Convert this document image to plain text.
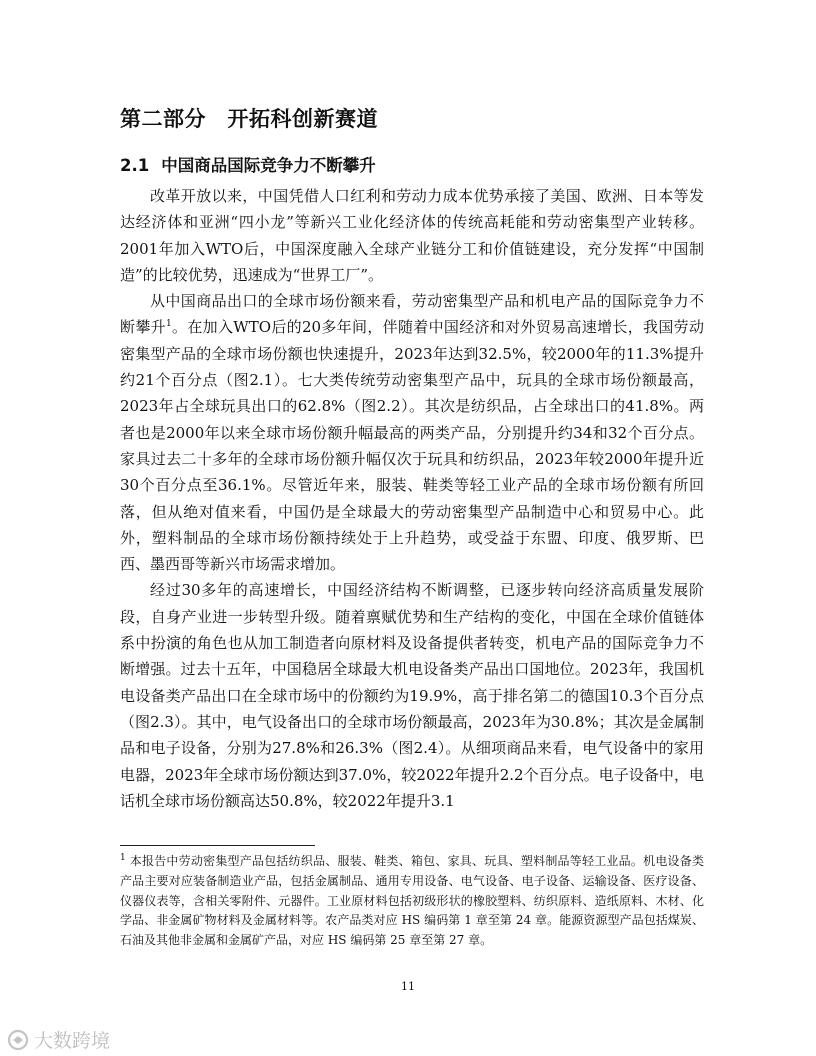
第二部分　开拓科创新赛道
2.1 中国商品国际竞争力不断攀升

改革开放以来，中国凭借人口红利和劳动力成本优势承接了美国、欧洲、日本等发达经济体和亚洲“四小龙”等新兴工业化经济体的传统高耗能和劳动密集型产业转移。2001年加入WTO后，中国深度融入全球产业链分工和价值链建设，充分发挥“中国制造”的比较优势，迅速成为“世界工厂”。

从中国商品出口的全球市场份额来看，劳动密集型产品和机电产品的国际竞争力不断攀升$^1$。在加入WTO后的20多年间，伴随着中国经济和对外贸易高速增长，我国劳动密集型产品的全球市场份额也快速提升，2023年达到32.5%，较2000年的11.3%提升约21个百分点（图2.1）。七大类传统劳动密集型产品中，玩具的全球市场份额最高，2023年占全球玩具出口的62.8%（图2.2）。其次是纺织品，占全球出口的41.8%。两者也是2000年以来全球市场份额升幅最高的两类产品，分别提升约34和32个百分点。家具过去二十多年的全球市场份额升幅仅次于玩具和纺织品，2023年较2000年提升近30个百分点至36.1%。尽管近年来，服装、鞋类等轻工业产品的全球市场份额有所回落，但从绝对值来看，中国仍是全球最大的劳动密集型产品制造中心和贸易中心。此外，塑料制品的全球市场份额持续处于上升趋势，或受益于东盟、印度、俄罗斯、巴西、墨西哥等新兴市场需求增加。

经过30多年的高速增长，中国经济结构不断调整，已逐步转向经济高质量发展阶段，自身产业进一步转型升级。随着禀赋优势和生产结构的变化，中国在全球价值链体系中扮演的角色也从加工制造者向原材料及设备提供者转变，机电产品的国际竞争力不断增强。过去十五年，中国稳居全球最大机电设备类产品出口国地位。2023年，我国机电设备类产品出口在全球市场中的份额约为19.9%，高于排名第二的德国10.3个百分点（图2.3）。其中，电气设备出口的全球市场份额最高，2023年为30.8%；其次是金属制品和电子设备，分别为27.8%和26.3%（图2.4）。从细项商品来看，电气设备中的家用电器，2023年全球市场份额达到37.0%，较2022年提升2.2个百分点。电子设备中，电话机全球市场份额高达50.8%，较2022年提升3.1

$^1$ 本报告中劳动密集型产品包括纺织品、服装、鞋类、箱包、家具、玩具、塑料制品等轻工业品。机电设备类产品主要对应装备制造业产品，包括金属制品、通用专用设备、电气设备、电子设备、运输设备、医疗设备、仪器仪表等，含相关零附件、元器件。工业原材料包括初级形状的橡胶塑料、纺织原料、造纸原料、木材、化学品、非金属矿物材料及金属材料等。农产品类对应 HS 编码第 1 章至第 24 章。能源资源型产品包括煤炭、石油及其他非金属和金属矿产品，对应 HS 编码第 25 章至第 27 章。
11
大数跨境
